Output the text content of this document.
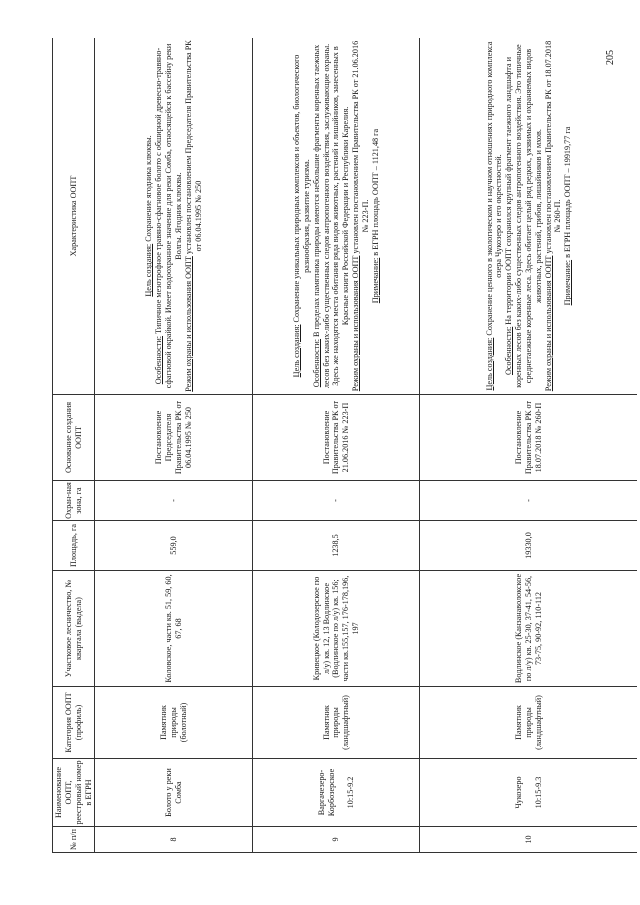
205
№ п/п	Наименование ООПТ, реестровый номер в ЕГРН	Категория ООПТ (профиль)	Участковое лесничество, № квартала (выдела)	Площадь, га	Охран-ная зона, га	Основание создания ООПТ	Характеристика ООПТ
8	Болото у реки Сомба	Памятник природы (болотный)	Коловское, части кв. 51, 59, 60, 67, 68	559,0	-	Постановление Председателя Правительства РК от 06.04.1995 № 250	Цель создания: Сохранение ягодника клюквы.
Особенности: Типичное мезотрофное травяно-сфагновое болото с обширной древесно-травяно-сфагновой окрайкой. Имеет водоохранное значение для реки Сомба, относящейся к бассейну реки Волгы. Ягодник клюквы.
Режим охраны и использования ООПТ установлен постановлением Председателя Правительства РК от 06.04.1995 № 250
9	Варгачезеро-Корбозерское 10:15-9.2	Памятник природы (ландшафтный)	Кривецкое (Колодозерское по л/у) кв. 12, 13 Водлинское (Водлинское по л/у) кв. 156; части кв.155,157, 176-178,196, 197	1238,5	-	Постановление Правительства РК от 21.06.2016 № 223-П	Цель создания: Сохранение уникальных природных комплексов и объектов, биологического разнообразия, развитие туризма.
Особенности: В пределах памятника природы имеются небольшие фрагменты коренных таежных лесов без каких-либо существенных следов антропогенного воздействия, заслуживающие охраны. Здесь же находятся места обитания ряда видов животных, растений и лишайников, занесенных в Красные книги Российской Федерации и Республики Карелия.
Режим охраны и использования ООПТ установлен постановлением Правительства РК от 21.06.2016 № 223-П.
Примечание: в ЕГРН площадь ООПТ – 1121,48 га
10	Чукозеро 10:15-9.3	Памятник природы (ландшафтный)	Водлинское (Канзанаволокское по л/у) кв. 25-30, 37-41, 54-56, 73-75, 90-92, 110-112	19330,0	-	Постановление Правительства РК от 18.07.2018 № 260-П	Цель создания: Сохранение ценного в экологическом и научном отношениях природного комплекса озера Чукозеро и его окрестностей.
Особенности: На территории ООПТ сохранился крупный фрагмент таежного ландшафта и коренных лесов без каких-либо существенных следов антропогенного воздействия. Это типичные среднетаежные коренные леса. Здесь обитает целый ряд редких, уязвимых и охраняемых видов животных, растений, грибов, лишайников и мхов.
Режим охраны и использования ООПТ установлен постановлением Правительства РК от 18.07.2018 № 260-П.
Примечание: в ЕГРН площадь ООПТ – 19919,77 га
